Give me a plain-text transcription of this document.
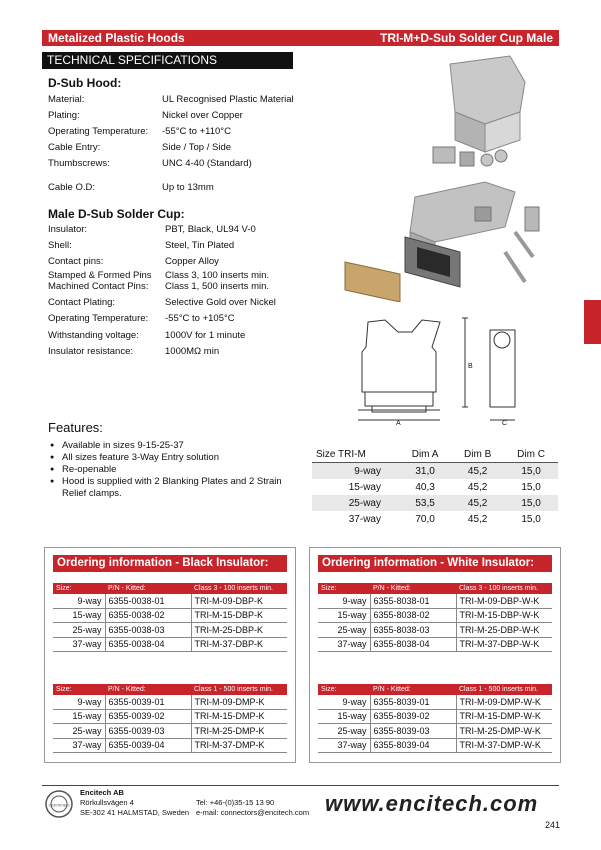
Metalized Plastic Hoods	TRI-M+D-Sub Solder Cup Male
TECHNICAL SPECIFICATIONS
D-Sub Hood:
Material:	UL Recognised Plastic Material
Plating:	Nickel over Copper
Operating Temperature: -55°C to +110°C
Cable Entry:	Side / Top / Side
Thumbscrews:	UNC 4-40 (Standard)
Cable O.D:	Up to 13mm
Male D-Sub Solder Cup:
Insulator:	PBT, Black, UL94 V-0
Shell:	Steel, Tin Plated
Contact pins:	Copper Alloy
Stamped & Formed Pins Class 3, 100 inserts min.
Machined Contact Pins: Class 1, 500 inserts min.
Contact Plating:	Selective Gold over Nickel
Operating Temperature: -55°C to +105°C
Withstanding voltage:	1000V for 1 minute
Insulator resistance:	1000MΩ min
A
B
C
Features:
● Available in sizes 9-15-25-37
● All sizes feature 3-Way Entry solution
● Re-openable
● Hood is supplied with 2 Blanking Plates and 2 Strain Relief clamps.
Size TRI-M	Dim A	Dim B	Dim C
9-way	31,0	45,2	15,0
15-way	40,3	45,2	15,0
25-way	53,5	45,2	15,0
37-way	70,0	45,2	15,0
Ordering information - Black Insulator:
Size:	P/N - Kitted:	Class 3 - 100 inserts min.
9-way	6355-0038-01	TRI-M-09-DBP-K
15-way	6355-0038-02	TRI-M-15-DBP-K
25-way	6355-0038-03	TRI-M-25-DBP-K
37-way	6355-0038-04	TRI-M-37-DBP-K
Size:	P/N - Kitted:	Class 1 - 500 inserts min.
9-way	6355-0039-01	TRI-M-09-DMP-K
15-way	6355-0039-02	TRI-M-15-DMP-K
25-way	6355-0039-03	TRI-M-25-DMP-K
37-way	6355-0039-04	TRI-M-37-DMP-K
Ordering information - White Insulator:
Size:	P/N - Kitted:	Class 3 - 100 inserts min.
9-way	6355-8038-01	TRI-M-09-DBP-W-K
15-way	6355-8038-02	TRI-M-15-DBP-W-K
25-way	6355-8038-03	TRI-M-25-DBP-W-K
37-way	6355-8038-04	TRI-M-37-DBP-W-K
Size:	P/N - Kitted:	Class 1 - 500 inserts min.
9-way	6355-8039-01	TRI-M-09-DMP-W-K
15-way	6355-8039-02	TRI-M-15-DMP-W-K
25-way	6355-8039-03	TRI-M-25-DMP-W-K
37-way	6355-8039-04	TRI-M-37-DMP-W-K
CERTIFIED
Encitech AB
Rörkullsvägen 4
SE-302 41 HALMSTAD, Sweden
Tel: +46-(0)35-15 13 90
e-mail: connectors@encitech.com www.encitech.com
241
